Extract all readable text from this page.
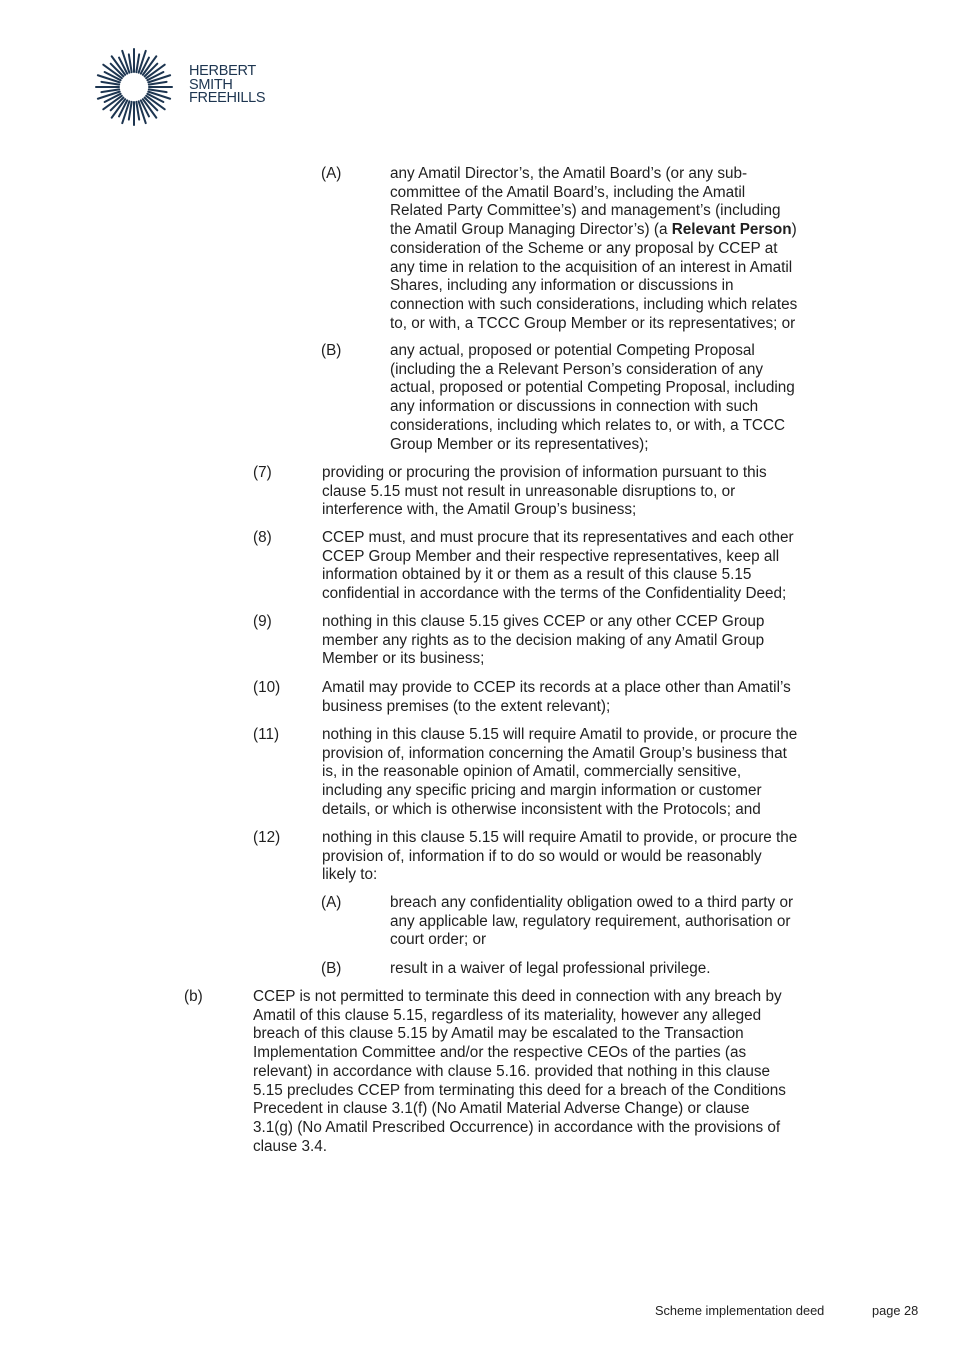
HERBERT
SMITH
FREEHILLS
(A)	any Amatil Director’s, the Amatil Board’s (or any sub-
committee of the Amatil Board’s, including the Amatil
Related Party Committee’s) and management’s (including
the Amatil Group Managing Director’s) (a Relevant Person)
consideration of the Scheme or any proposal by CCEP at
any time in relation to the acquisition of an interest in Amatil
Shares, including any information or discussions in
connection with such considerations, including which relates
to, or with, a TCCC Group Member or its representatives; or
(B)	any actual, proposed or potential Competing Proposal
(including the a Relevant Person’s consideration of any
actual, proposed or potential Competing Proposal, including
any information or discussions in connection with such
considerations, including which relates to, or with, a TCCC
Group Member or its representatives);
(7)	providing or procuring the provision of information pursuant to this
clause 5.15 must not result in unreasonable disruptions to, or
interference with, the Amatil Group’s business;
(8)	CCEP must, and must procure that its representatives and each other
CCEP Group Member and their respective representatives, keep all
information obtained by it or them as a result of this clause 5.15
confidential in accordance with the terms of the Confidentiality Deed;
(9)	nothing in this clause 5.15 gives CCEP or any other CCEP Group
member any rights as to the decision making of any Amatil Group
Member or its business;
(10)	Amatil may provide to CCEP its records at a place other than Amatil’s
business premises (to the extent relevant);
(11)	nothing in this clause 5.15 will require Amatil to provide, or procure the
provision of, information concerning the Amatil Group’s business that
is, in the reasonable opinion of Amatil, commercially sensitive,
including any specific pricing and margin information or customer
details, or which is otherwise inconsistent with the Protocols; and
(12)	nothing in this clause 5.15 will require Amatil to provide, or procure the
provision of, information if to do so would or would be reasonably
likely to:
(A)	breach any confidentiality obligation owed to a third party or
any applicable law, regulatory requirement, authorisation or
court order; or
(B)	result in a waiver of legal professional privilege.
(b)	CCEP is not permitted to terminate this deed in connection with any breach by
Amatil of this clause 5.15, regardless of its materiality, however any alleged
breach of this clause 5.15 by Amatil may be escalated to the Transaction
Implementation Committee and/or the respective CEOs of the parties (as
relevant) in accordance with clause 5.16. provided that nothing in this clause
5.15 precludes CCEP from terminating this deed for a breach of the Conditions
Precedent in clause 3.1(f) (No Amatil Material Adverse Change) or clause
3.1(g) (No Amatil Prescribed Occurrence) in accordance with the provisions of
clause 3.4.
Scheme implementation deed	page 28
